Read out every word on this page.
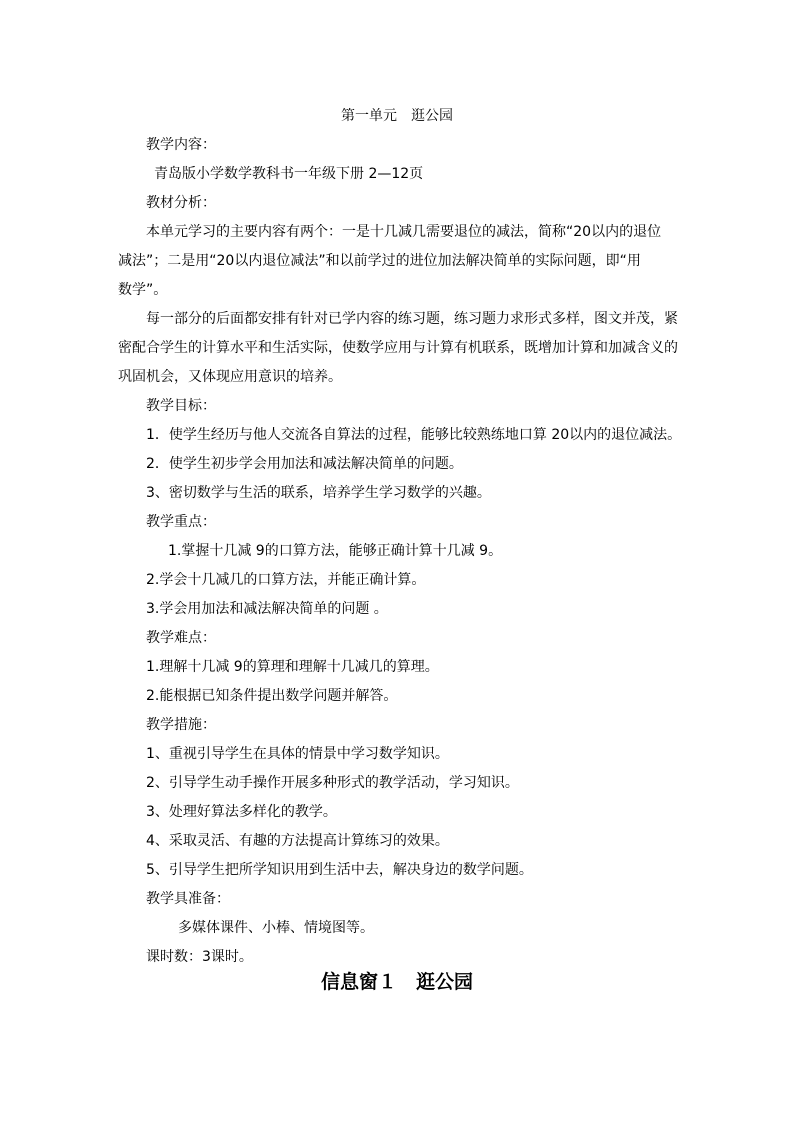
第一单元　逛公园
教学内容：
青岛版小学数学教科书一年级下册 2—12页
教材分析：
本单元学习的主要内容有两个：一是十几减几需要退位的减法，简称“20以内的退位
减法”；二是用“20以内退位减法”和以前学过的进位加法解决简单的实际问题，即“用
数学”。
每一部分的后面都安排有针对已学内容的练习题，练习题力求形式多样，图文并茂，紧
密配合学生的计算水平和生活实际，使数学应用与计算有机联系，既增加计算和加减含义的
巩固机会，又体现应用意识的培养。
教学目标：
1．使学生经历与他人交流各自算法的过程，能够比较熟练地口算 20以内的退位减法。
2．使学生初步学会用加法和减法解决简单的问题。
3、密切数学与生活的联系，培养学生学习数学的兴趣。
教学重点：
1.掌握十几减 9的口算方法，能够正确计算十几减 9。
2.学会十几减几的口算方法，并能正确计算。
3.学会用加法和减法解决简单的问题 。
教学难点：
1.理解十几减 9的算理和理解十几减几的算理。
2.能根据已知条件提出数学问题并解答。
教学措施：
1、重视引导学生在具体的情景中学习数学知识。
2、引导学生动手操作开展多种形式的教学活动，学习知识。
3、处理好算法多样化的教学。
4、采取灵活、有趣的方法提高计算练习的效果。
5、引导学生把所学知识用到生活中去，解决身边的数学问题。
教学具准备：
多媒体课件、小棒、情境图等。
课时数：3课时。
信息窗１　逛公园
